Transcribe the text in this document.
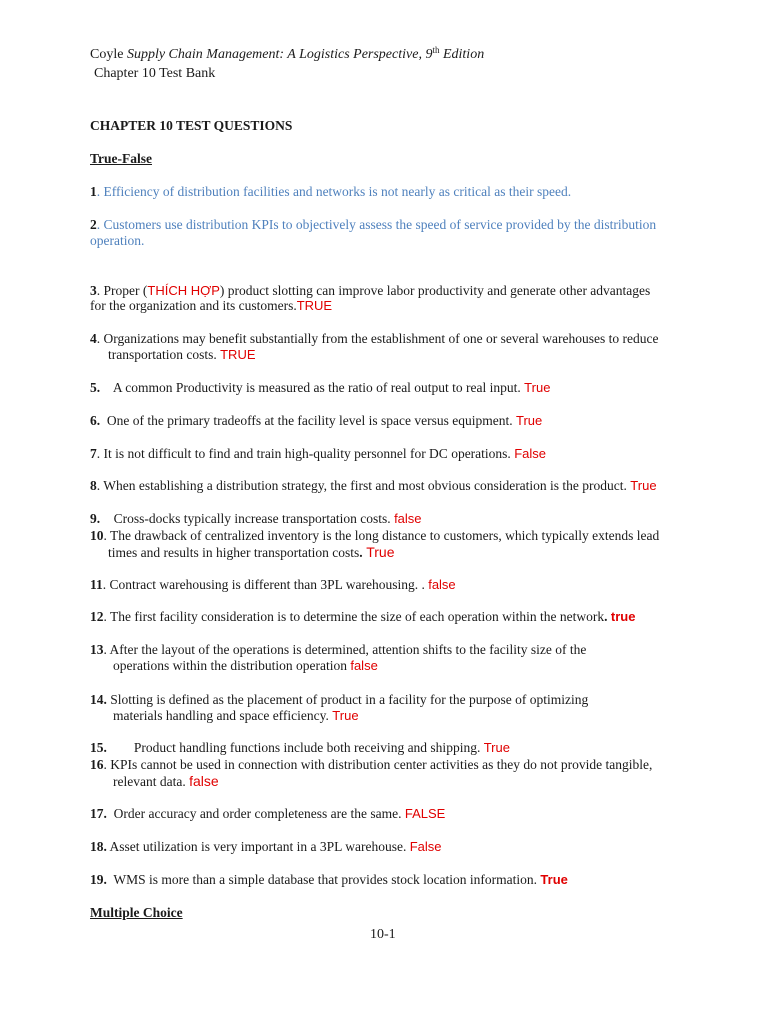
Coyle Supply Chain Management: A Logistics Perspective, 9th Edition
Chapter 10 Test Bank
CHAPTER 10 TEST QUESTIONS
True-False
1. Efficiency of distribution facilities and networks is not nearly as critical as their speed.
2. Customers use distribution KPIs to objectively assess the speed of service provided by the distribution
operation.
3. Proper (THÍCH HỢP) product slotting can improve labor productivity and generate other advantages
for the organization and its customers.TRUE
4. Organizations may benefit substantially from the establishment of one or several warehouses to reduce
transportation costs. TRUE
5.    A common Productivity is measured as the ratio of real output to real input. True
6.  One of the primary tradeoffs at the facility level is space versus equipment. True
7. It is not difficult to find and train high-quality personnel for DC operations. False
8. When establishing a distribution strategy, the first and most obvious consideration is the product. True
9.    Cross-docks typically increase transportation costs. false
10. The drawback of centralized inventory is the long distance to customers, which typically extends lead
times and results in higher transportation costs. True
11. Contract warehousing is different than 3PL warehousing. . false
12. The first facility consideration is to determine the size of each operation within the network. true
13. After the layout of the operations is determined, attention shifts to the facility size of the
operations within the distribution operation false
14. Slotting is defined as the placement of product in a facility for the purpose of optimizing
materials handling and space efficiency. True
15.        Product handling functions include both receiving and shipping. True
16. KPIs cannot be used in connection with distribution center activities as they do not provide tangible,
relevant data. false
17.  Order accuracy and order completeness are the same. FALSE
18. Asset utilization is very important in a 3PL warehouse. False
19.  WMS is more than a simple database that provides stock location information. True
Multiple Choice
10-1
